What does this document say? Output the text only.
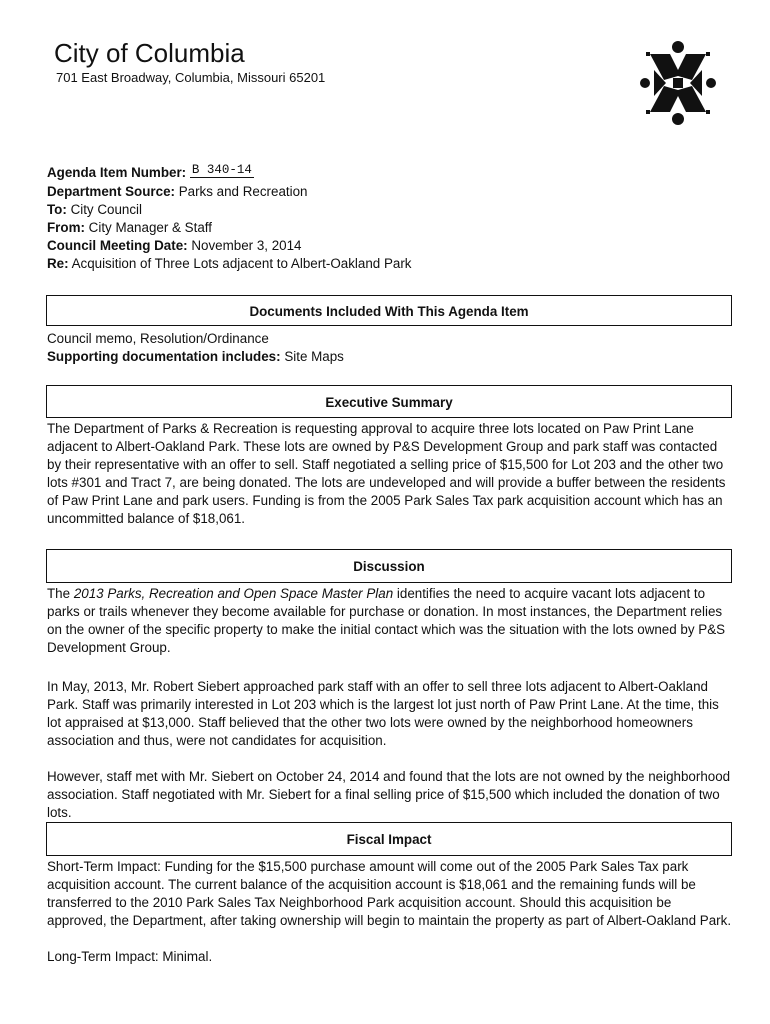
City of Columbia
701 East Broadway, Columbia, Missouri 65201
Agenda Item Number: B 340-14
Department Source: Parks and Recreation
To: City Council
From: City Manager & Staff
Council Meeting Date: November 3, 2014
Re: Acquisition of Three Lots adjacent to Albert-Oakland Park
Documents Included With This Agenda Item
Council memo, Resolution/Ordinance
Supporting documentation includes: Site Maps
Executive Summary
The Department of Parks & Recreation is requesting approval to acquire three lots located on Paw Print Lane adjacent to Albert-Oakland Park. These lots are owned by P&S Development Group and park staff was contacted by their representative with an offer to sell. Staff negotiated a selling price of $15,500 for Lot 203 and the other two lots #301 and Tract 7, are being donated. The lots are undeveloped and will provide a buffer between the residents of Paw Print Lane and park users. Funding is from the 2005 Park Sales Tax park acquisition account which has an uncommitted balance of $18,061.
Discussion
The 2013 Parks, Recreation and Open Space Master Plan identifies the need to acquire vacant lots adjacent to parks or trails whenever they become available for purchase or donation. In most instances, the Department relies on the owner of the specific property to make the initial contact which was the situation with the lots owned by P&S Development Group.
In May, 2013, Mr. Robert Siebert approached park staff with an offer to sell three lots adjacent to Albert-Oakland Park. Staff was primarily interested in Lot 203 which is the largest lot just north of Paw Print Lane. At the time, this lot appraised at $13,000. Staff believed that the other two lots were owned by the neighborhood homeowners association and thus, were not candidates for acquisition.
However, staff met with Mr. Siebert on October 24, 2014 and found that the lots are not owned by the neighborhood association. Staff negotiated with Mr. Siebert for a final selling price of $15,500 which included the donation of two lots.
Fiscal Impact
Short-Term Impact: Funding for the $15,500 purchase amount will come out of the 2005 Park Sales Tax park acquisition account. The current balance of the acquisition account is $18,061 and the remaining funds will be transferred to the 2010 Park Sales Tax Neighborhood Park acquisition account. Should this acquisition be approved, the Department, after taking ownership will begin to maintain the property as part of Albert-Oakland Park.
Long-Term Impact: Minimal.
